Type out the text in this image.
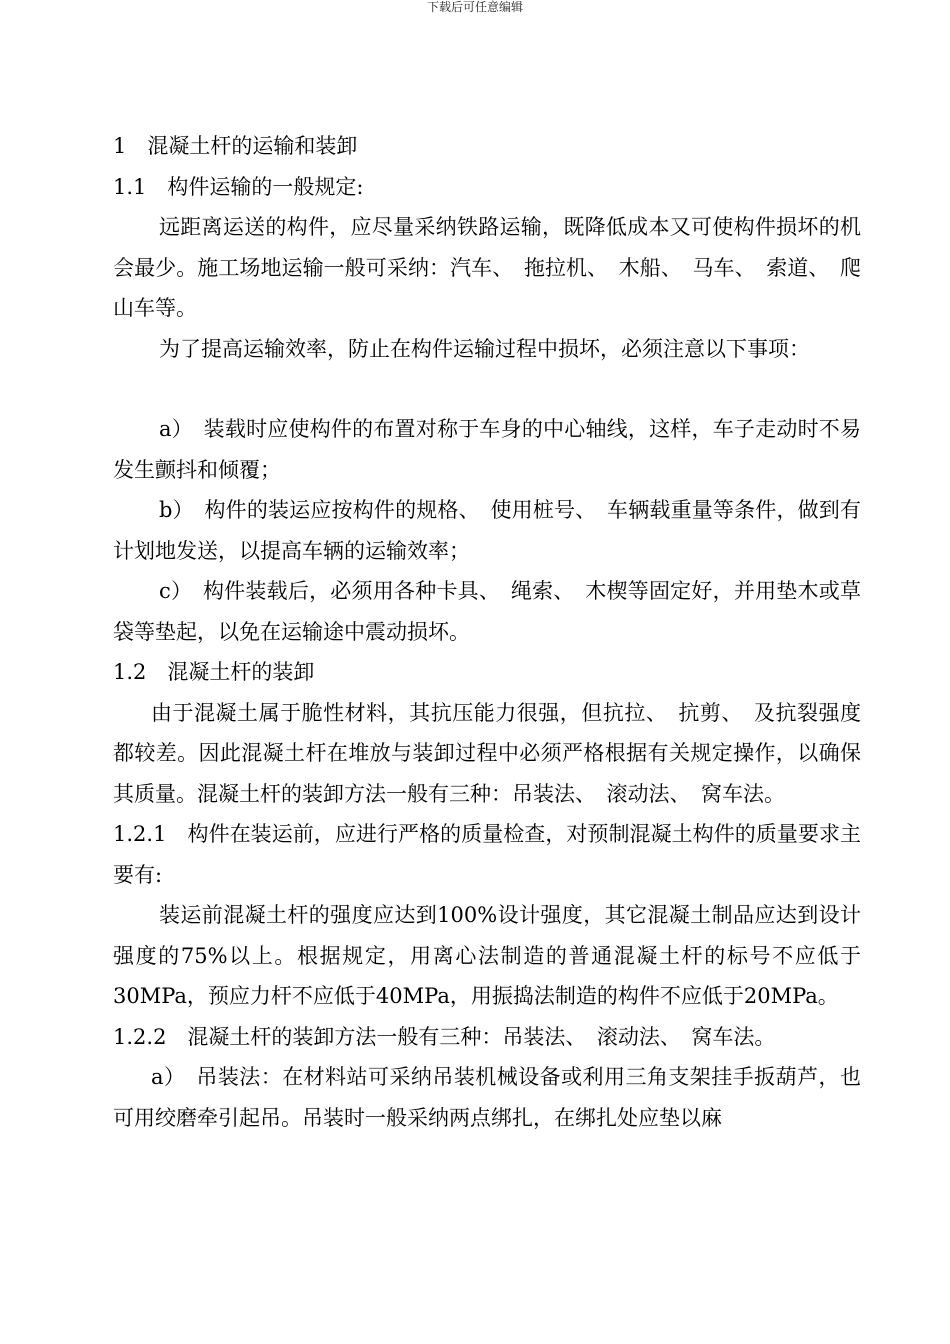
下载后可任意编辑

1　混凝土杆的运输和装卸

1.1　构件运输的一般规定:

远距离运送的构件，应尽量采纳铁路运输，既降低成本又可使构件损坏的机会最少。施工场地运输一般可采纳：汽车、　拖拉机、　木船、　马车、　索道、　爬山车等。

为了提高运输效率，防止在构件运输过程中损坏，必须注意以下事项：

a）　装载时应使构件的布置对称于车身的中心轴线，这样，车子走动时不易发生颤抖和倾覆；

b）　构件的装运应按构件的规格、　使用桩号、　车辆载重量等条件，做到有计划地发送，以提高车辆的运输效率；

c）　构件装载后，必须用各种卡具、　绳索、　木楔等固定好，并用垫木或草袋等垫起，以免在运输途中震动损坏。

1.2　混凝土杆的装卸

由于混凝土属于脆性材料，其抗压能力很强，但抗拉、　抗剪、　及抗裂强度都较差。因此混凝土杆在堆放与装卸过程中必须严格根据有关规定操作，以确保其质量。混凝土杆的装卸方法一般有三种：吊装法、　滚动法、　窝车法。

1.2.1　构件在装运前，应进行严格的质量检查，对预制混凝土构件的质量要求主要有:

装运前混凝土杆的强度应达到100%设计强度，其它混凝土制品应达到设计强度的75%以上。根据规定，用离心法制造的普通混凝土杆的标号不应低于30MPa，预应力杆不应低于40MPa，用振捣法制造的构件不应低于20MPa。

1.2.2　混凝土杆的装卸方法一般有三种：吊装法、　滚动法、　窝车法。

a）　吊装法：在材料站可采纳吊装机械设备或利用三角支架挂手扳葫芦，也可用绞磨牵引起吊。吊装时一般采纳两点绑扎，在绑扎处应垫以麻
